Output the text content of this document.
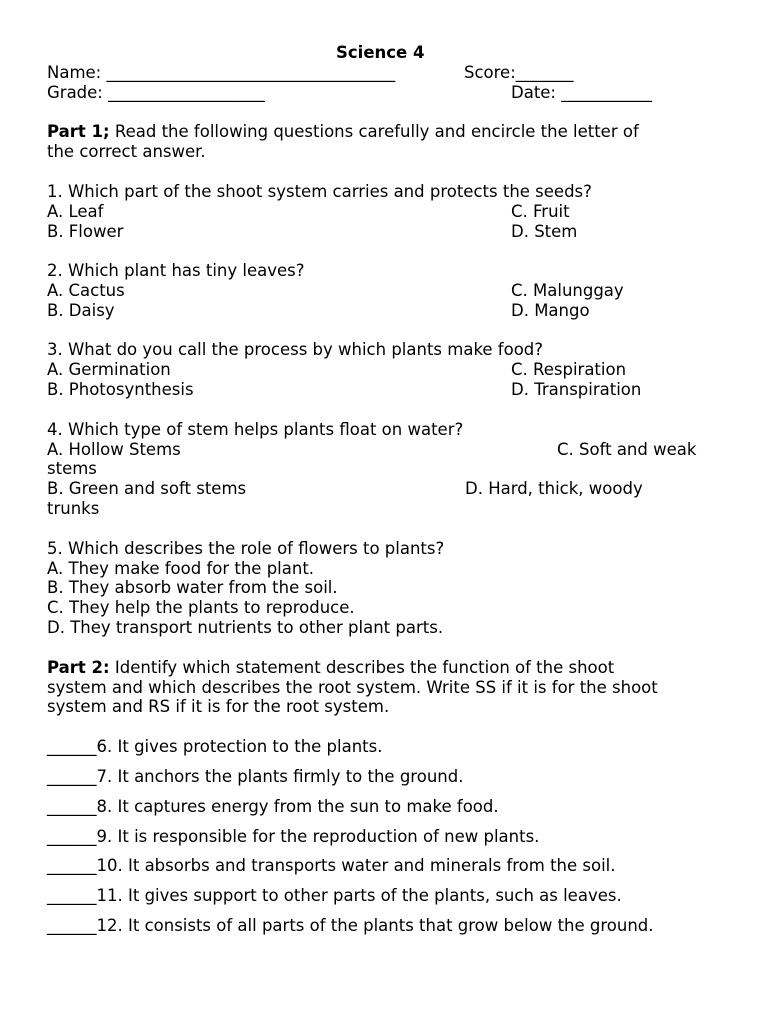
Science 4
Name: ___________________________________	Score:_______
Grade: ___________________	Date: ___________
Part 1; Read the following questions carefully and encircle the letter of
the correct answer.
1. Which part of the shoot system carries and protects the seeds?
A. Leaf	C. Fruit
B. Flower	D. Stem
2. Which plant has tiny leaves?
A. Cactus	C. Malunggay
B. Daisy	D. Mango
3. What do you call the process by which plants make food?
A. Germination	C. Respiration
B. Photosynthesis	D. Transpiration
4. Which type of stem helps plants float on water?
A. Hollow Stems	C. Soft and weak
stems
B. Green and soft stems	D. Hard, thick, woody
trunks
5. Which describes the role of flowers to plants?
A. They make food for the plant.
B. They absorb water from the soil.
C. They help the plants to reproduce.
D. They transport nutrients to other plant parts.
Part 2: Identify which statement describes the function of the shoot
system and which describes the root system. Write SS if it is for the shoot
system and RS if it is for the root system.
______6. It gives protection to the plants.
______7. It anchors the plants firmly to the ground.
______8. It captures energy from the sun to make food.
______9. It is responsible for the reproduction of new plants.
______10. It absorbs and transports water and minerals from the soil.
______11. It gives support to other parts of the plants, such as leaves.
______12. It consists of all parts of the plants that grow below the ground.
